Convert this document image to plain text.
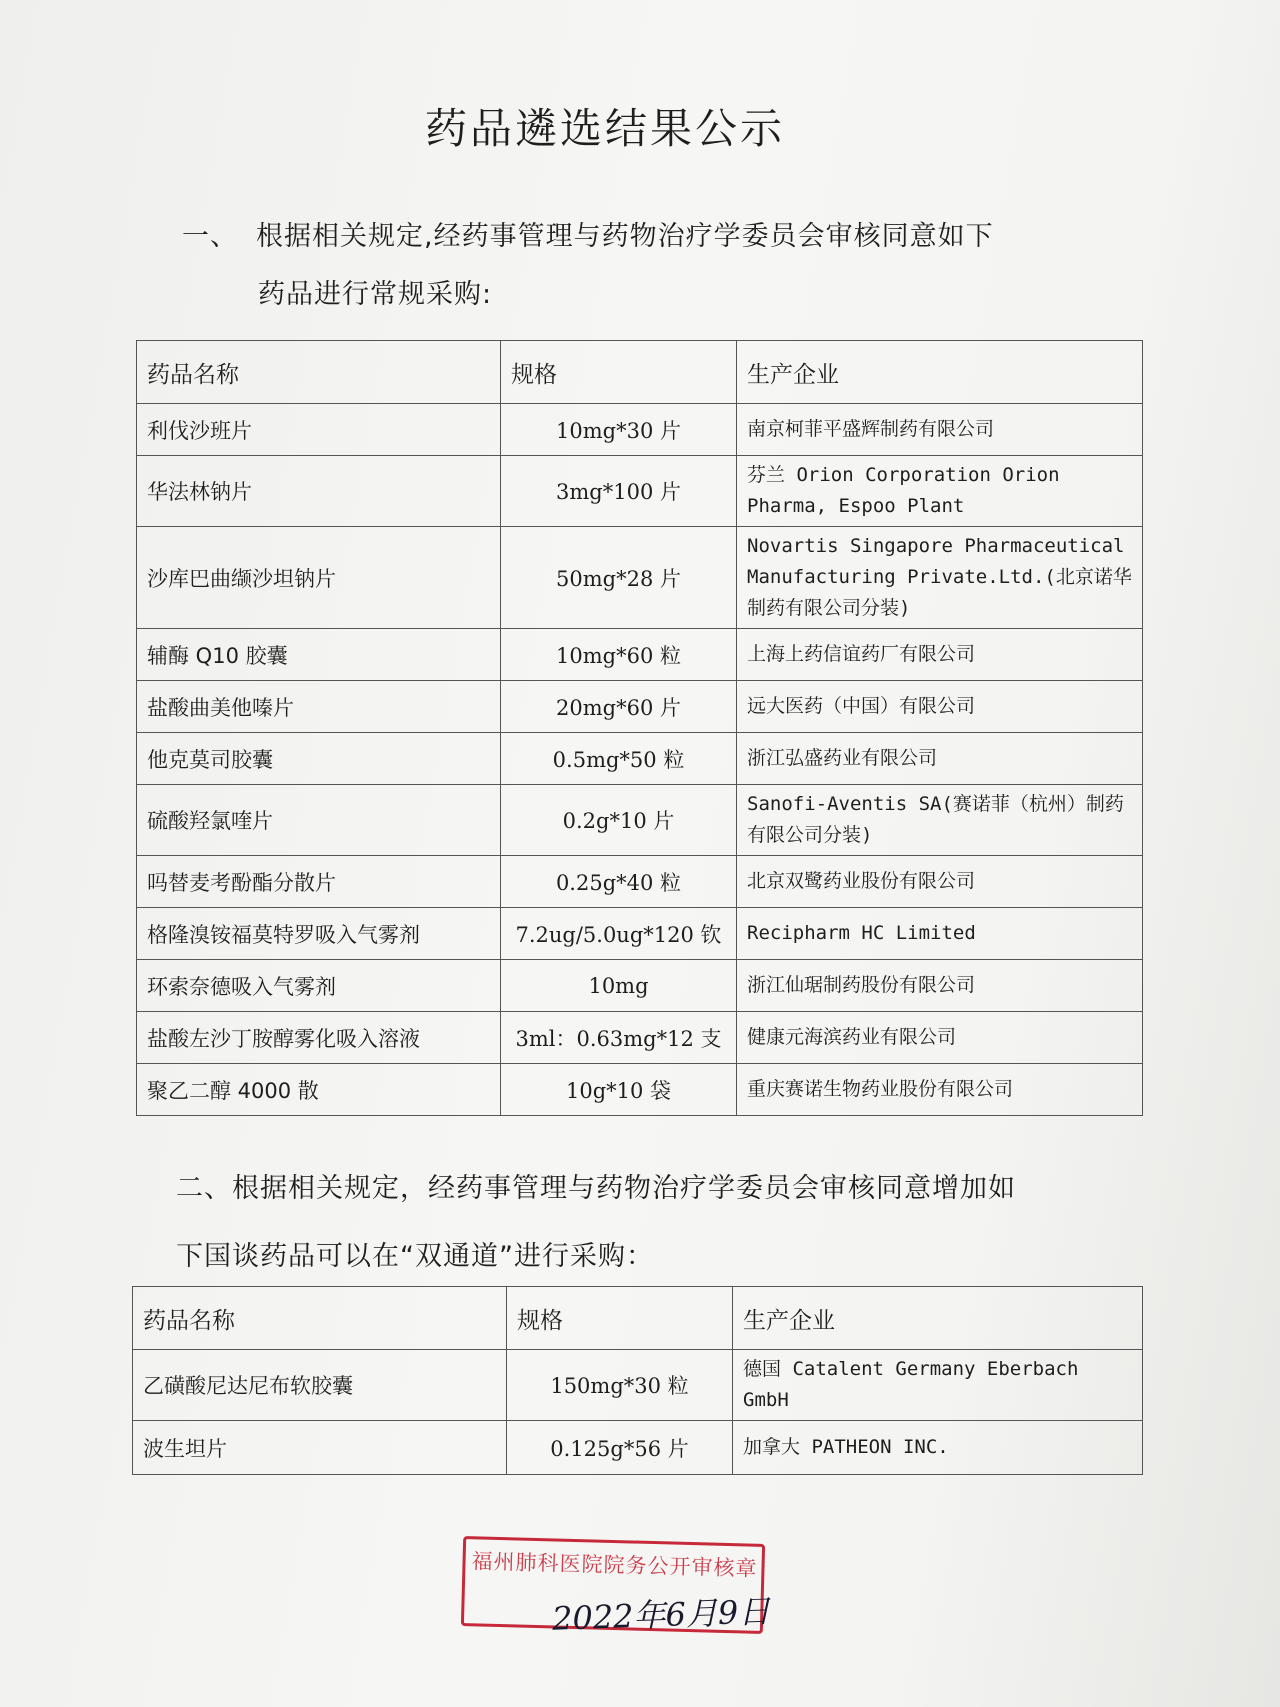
药品遴选结果公示
一、 根据相关规定,经药事管理与药物治疗学委员会审核同意如下
药品进行常规采购:
药品名称	规格	生产企业
利伐沙班片	10mg*30 片	南京柯菲平盛辉制药有限公司
华法林钠片	3mg*100 片	芬兰 Orion Corporation Orion Pharma, Espoo Plant
沙库巴曲缬沙坦钠片	50mg*28 片	Novartis Singapore Pharmaceutical Manufacturing Private.Ltd.(北京诺华制药有限公司分装)
辅酶 Q10 胶囊	10mg*60 粒	上海上药信谊药厂有限公司
盐酸曲美他嗪片	20mg*60 片	远大医药（中国）有限公司
他克莫司胶囊	0.5mg*50 粒	浙江弘盛药业有限公司
硫酸羟氯喹片	0.2g*10 片	Sanofi-Aventis SA(赛诺菲（杭州）制药有限公司分装)
吗替麦考酚酯分散片	0.25g*40 粒	北京双鹭药业股份有限公司
格隆溴铵福莫特罗吸入气雾剂	7.2ug/5.0ug*120 钦	Recipharm HC Limited
环索奈德吸入气雾剂	10mg	浙江仙琚制药股份有限公司
盐酸左沙丁胺醇雾化吸入溶液	3ml：0.63mg*12 支	健康元海滨药业有限公司
聚乙二醇 4000 散	10g*10 袋	重庆赛诺生物药业股份有限公司
二、根据相关规定，经药事管理与药物治疗学委员会审核同意增加如
下国谈药品可以在“双通道”进行采购：
药品名称	规格	生产企业
乙磺酸尼达尼布软胶囊	150mg*30 粒	德国 Catalent Germany Eberbach GmbH
波生坦片	0.125g*56 片	加拿大 PATHEON INC.
福州肺科医院院务公开审核章
2022年6月9日
